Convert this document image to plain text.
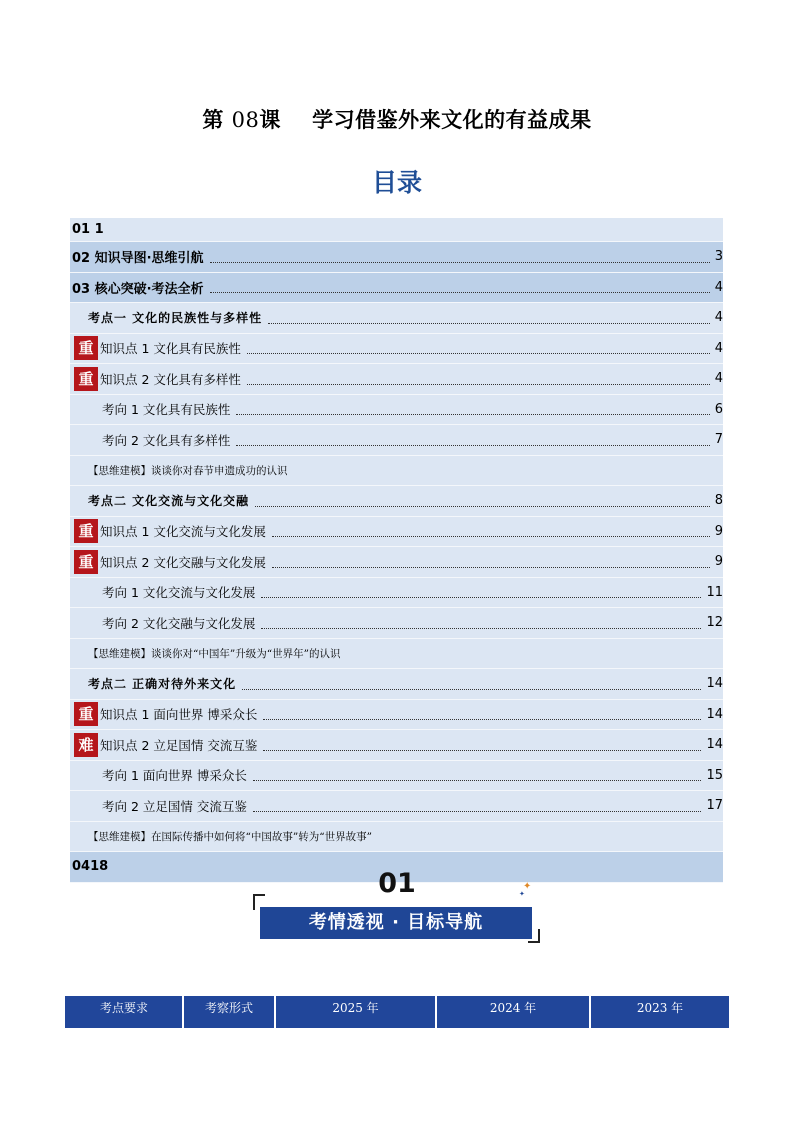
第 08课 学习借鉴外来文化的有益成果
目录
01 1
02 知识导图·思维引航	3
03 核心突破·考法全析	4
考点一 文化的民族性与多样性	4
重 知识点 1 文化具有民族性	4
重 知识点 2 文化具有多样性	4
考向 1 文化具有民族性	6
考向 2 文化具有多样性	7
【思维建模】谈谈你对春节申遗成功的认识
考点二 文化交流与文化交融	8
重 知识点 1 文化交流与文化发展	9
重 知识点 2 文化交融与文化发展	9
考向 1 文化交流与文化发展	11
考向 2 文化交融与文化发展	12
【思维建模】谈谈你对“中国年”升级为“世界年”的认识
考点二 正确对待外来文化	14
重 知识点 1 面向世界 博采众长	14
难 知识点 2 立足国情 交流互鉴	14
考向 1 面向世界 博采众长	15
考向 2 立足国情 交流互鉴	17
【思维建模】在国际传播中如何将“中国故事”转为“世界故事”
0418
01	✦
✦
考情透视 · 目标导航
考点要求	考察形式	2025 年	2024 年	2023 年
